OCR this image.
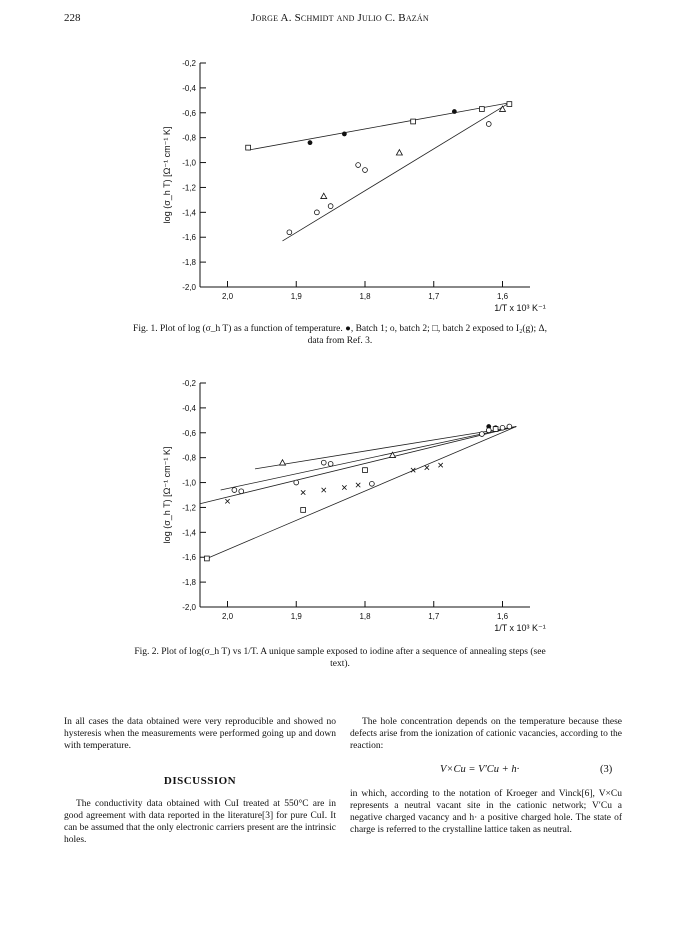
228	Jorge A. Schmidt and Julio C. Bazán
-0,2
-0,4
-0,6
-0,8
-1,0
-1,2
-1,4
-1,6
-1,8
-2,0
2,0	1,9	1,8	1,7	1,6
log (σ_h T) [Ω⁻¹ cm⁻¹ K]
1/T x 10³ K⁻¹
Fig. 1. Plot of log (σ_h T) as a function of temperature. ●, Batch 1; o, batch 2; □, batch 2 exposed to I₂(g); Δ,
data from Ref. 3.
-0,2
-0,4
-0,6
-0,8
-1,0
-1,2
-1,4
-1,6
-1,8
-2,0
2,0	1,9	1,8	1,7	1,6
log (σ_h T) [Ω⁻¹ cm⁻¹ K]
1/T x 10³ K⁻¹
Fig. 2. Plot of log(σ_h T) vs 1/T. A unique sample exposed to iodine after a sequence of annealing steps (see
text).

In all cases the data obtained were very reproducible and showed no hysteresis when the measurements were performed going up and down with temperature.

DISCUSSION

The conductivity data obtained with CuI treated at 550°C are in good agreement with data reported in the literature[3] for pure CuI. It can be assumed that the only electronic carriers present are the intrinsic holes.

The hole concentration depends on the temperature because these defects arise from the ionization of cationic vacancies, according to the reaction:

V×Cu = V′Cu + h·	(3)

in which, according to the notation of Kroeger and Vinck[6], V×Cu represents a neutral vacant site in the cationic network; V′Cu a negative charged vacancy and h· a positive charged hole. The state of charge is referred to the crystalline lattice taken as neutral.
